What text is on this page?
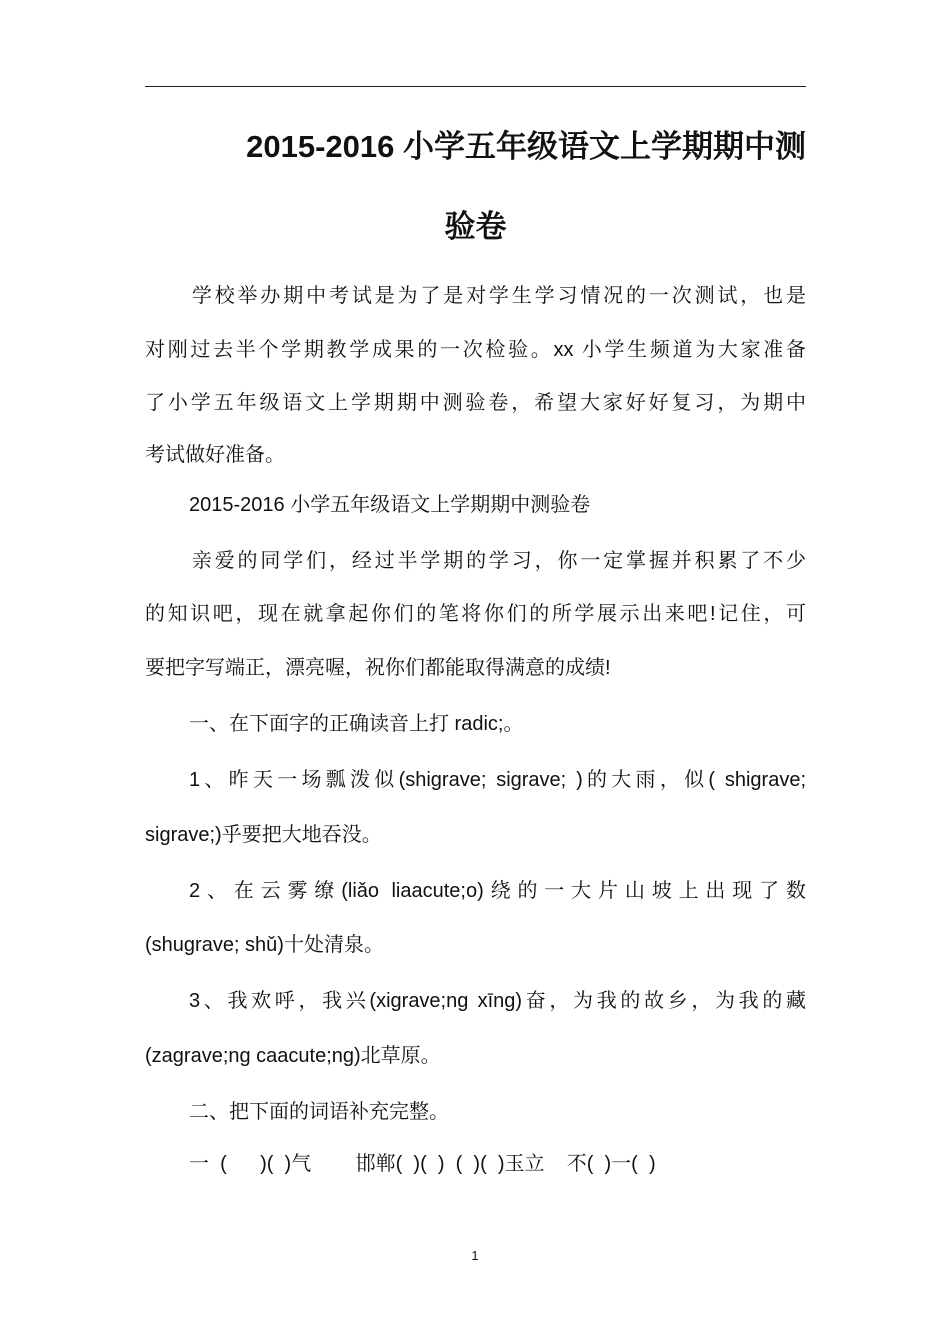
2015-2016 小学五年级语文上学期期中测
验卷

学校举办期中考试是为了是对学生学习情况的一次测试，也是

对刚过去半个学期教学成果的一次检验。xx 小学生频道为大家准备

了小学五年级语文上学期期中测验卷，希望大家好好复习，为期中

考试做好准备。

2015-2016 小学五年级语文上学期期中测验卷

亲爱的同学们，经过半学期的学习，你一定掌握并积累了不少

的知识吧，现在就拿起你们的笔将你们的所学展示出来吧!记住，可

要把字写端正，漂亮喔，祝你们都能取得满意的成绩!

一、在下面字的正确读音上打 radic;。

1、昨天一场瓢泼似(shigrave; sigrave; )的大雨，似( shigrave;

sigrave;)乎要把大地吞没。

2、在云雾缭(liǎo liaacute;o)绕的一大片山坡上出现了数

(shugrave; shǔ)十处清泉。

3、我欢呼，我兴(xigrave;ng xīng)奋，为我的故乡，为我的藏

(zagrave;ng caacute;ng)北草原。

二、把下面的词语补充完整。

一  (      )(  )气        邯郸(  )(  )  (  )(  )玉立    不(  )一(  )

1
